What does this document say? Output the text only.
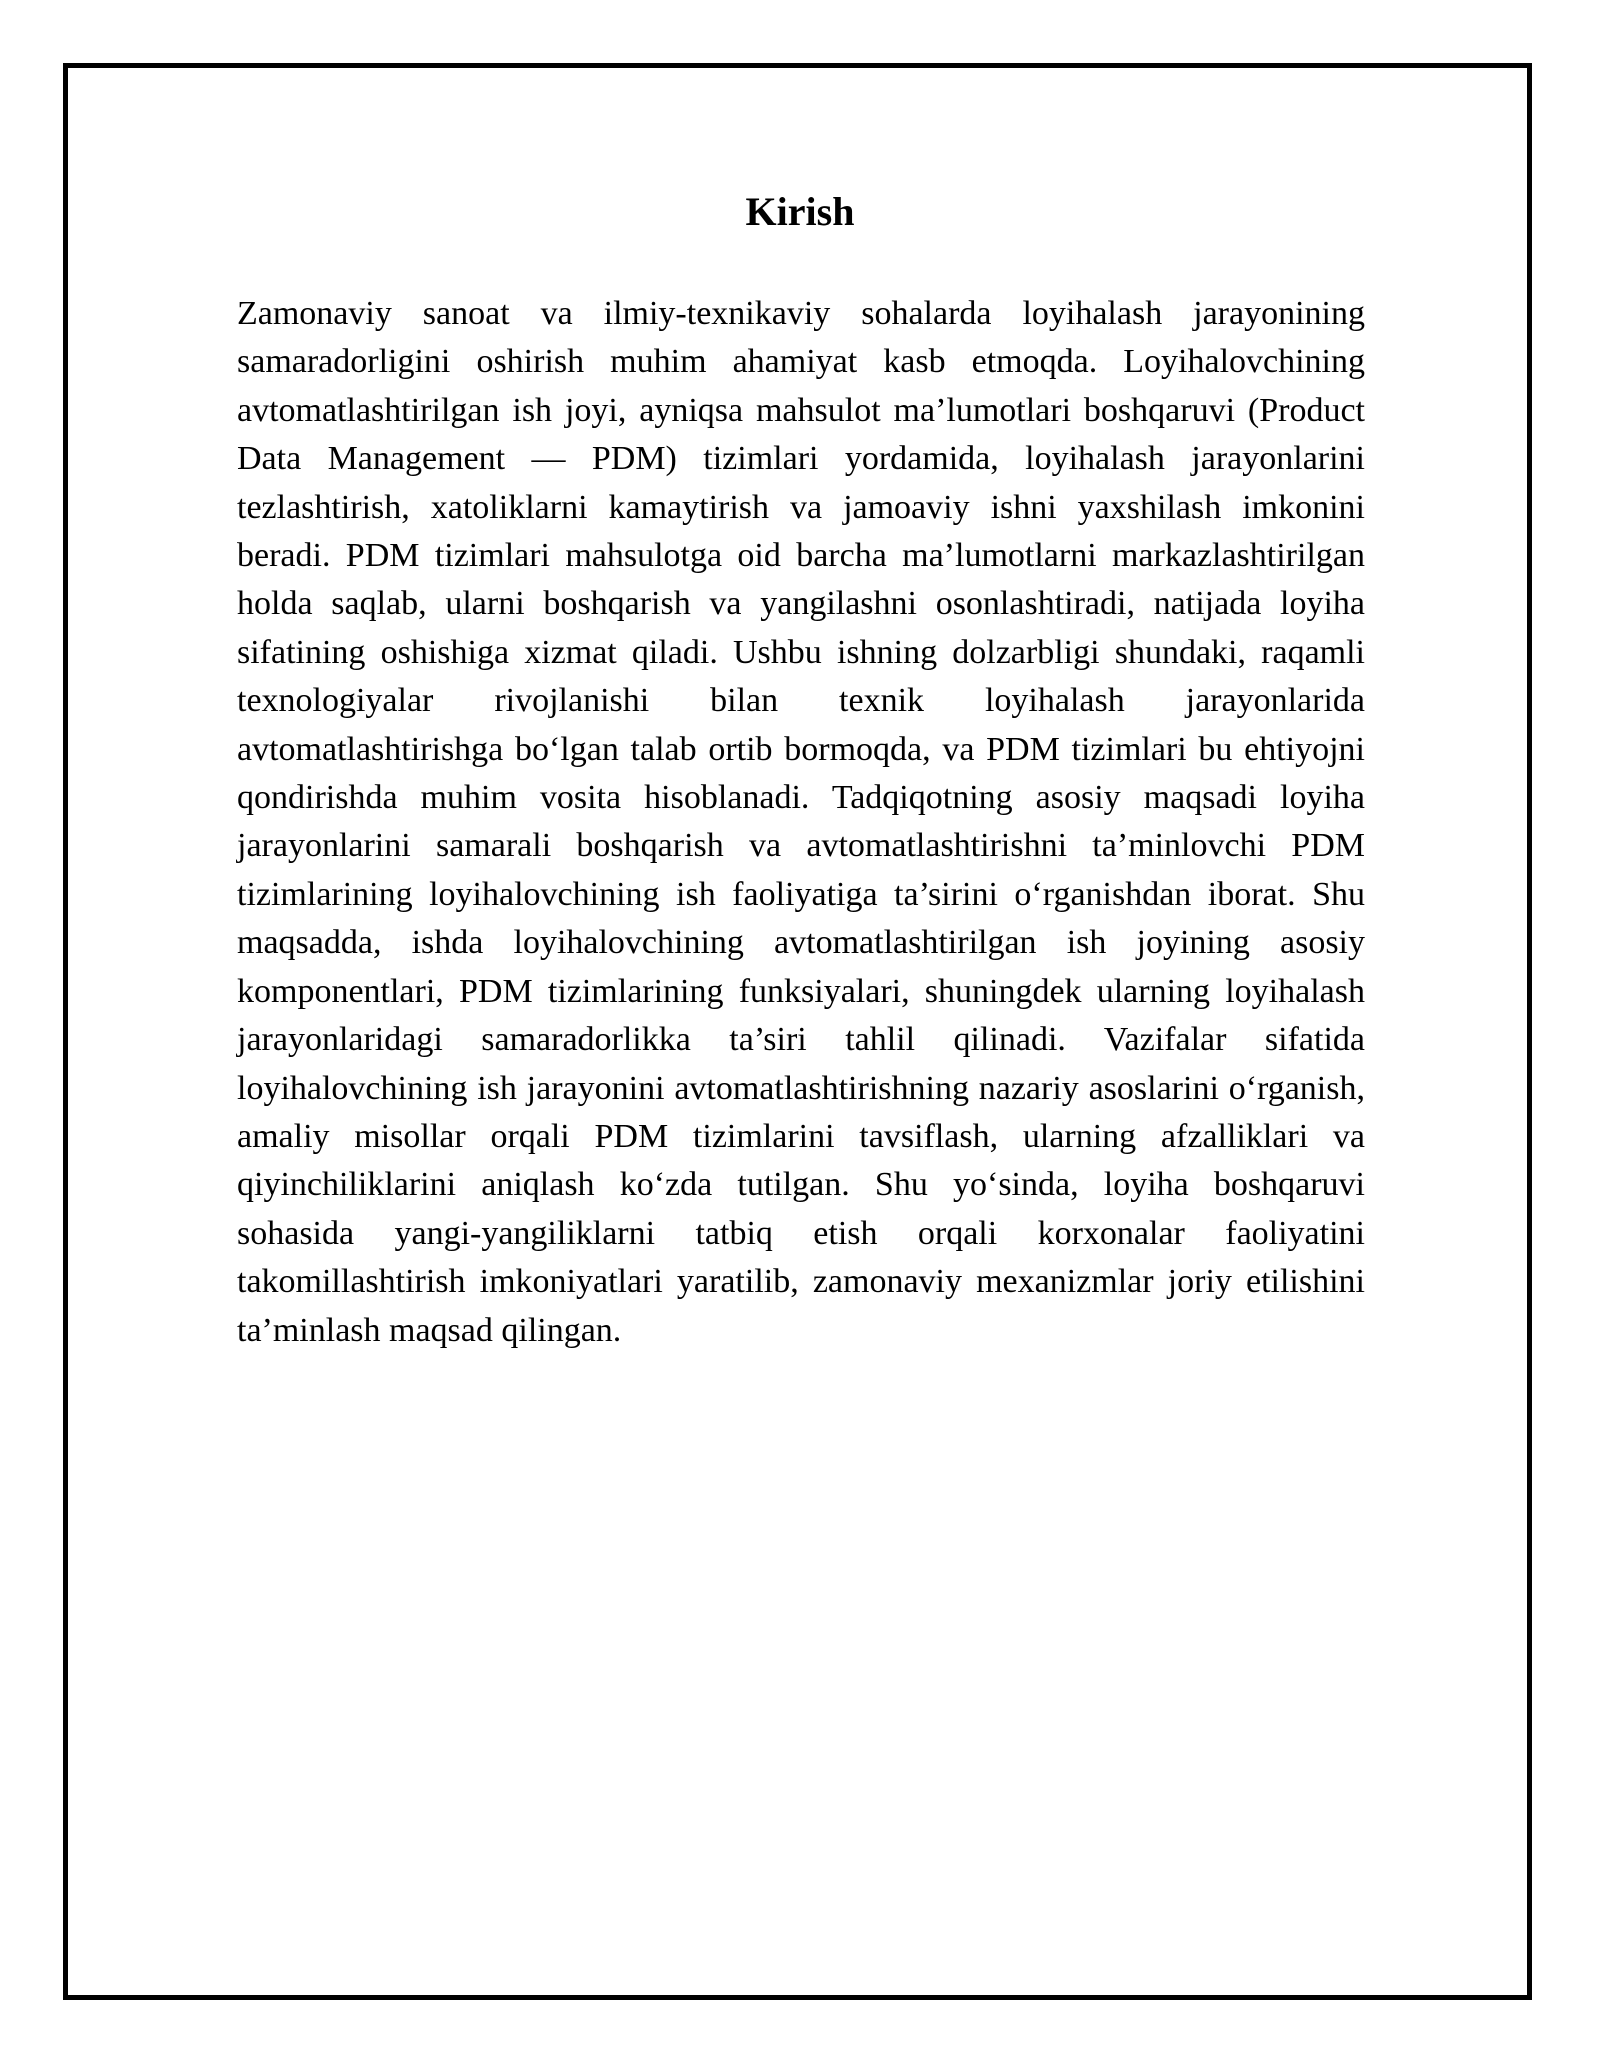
Kirish

Zamonaviy sanoat va ilmiy-texnikaviy sohalarda loyihalash jarayonining samaradorligini oshirish muhim ahamiyat kasb etmoqda. Loyihalovchining avtomatlashtirilgan ish joyi, ayniqsa mahsulot ma’lumotlari boshqaruvi (Product Data Management — PDM) tizimlari yordamida, loyihalash jarayonlarini tezlashtirish, xatoliklarni kamaytirish va jamoaviy ishni yaxshilash imkonini beradi. PDM tizimlari mahsulotga oid barcha ma’lumotlarni markazlashtirilgan holda saqlab, ularni boshqarish va yangilashni osonlashtiradi, natijada loyiha sifatining oshishiga xizmat qiladi. Ushbu ishning dolzarbligi shundaki, raqamli texnologiyalar rivojlanishi bilan texnik loyihalash jarayonlarida avtomatlashtirishga bo‘lgan talab ortib bormoqda, va PDM tizimlari bu ehtiyojni qondirishda muhim vosita hisoblanadi. Tadqiqotning asosiy maqsadi loyiha jarayonlarini samarali boshqarish va avtomatlashtirishni ta’minlovchi PDM tizimlarining loyihalovchining ish faoliyatiga ta’sirini o‘rganishdan iborat. Shu maqsadda, ishda loyihalovchining avtomatlashtirilgan ish joyining asosiy komponentlari, PDM tizimlarining funksiyalari, shuningdek ularning loyihalash jarayonlaridagi samaradorlikka ta’siri tahlil qilinadi. Vazifalar sifatida loyihalovchining ish jarayonini avtomatlashtirishning nazariy asoslarini o‘rganish, amaliy misollar orqali PDM tizimlarini tavsiflash, ularning afzalliklari va qiyinchiliklarini aniqlash ko‘zda tutilgan. Shu yo‘sinda, loyiha boshqaruvi sohasida yangi-yangiliklarni tatbiq etish orqali korxonalar faoliyatini takomillashtirish imkoniyatlari yaratilib, zamonaviy mexanizmlar joriy etilishini ta’minlash maqsad qilingan.
